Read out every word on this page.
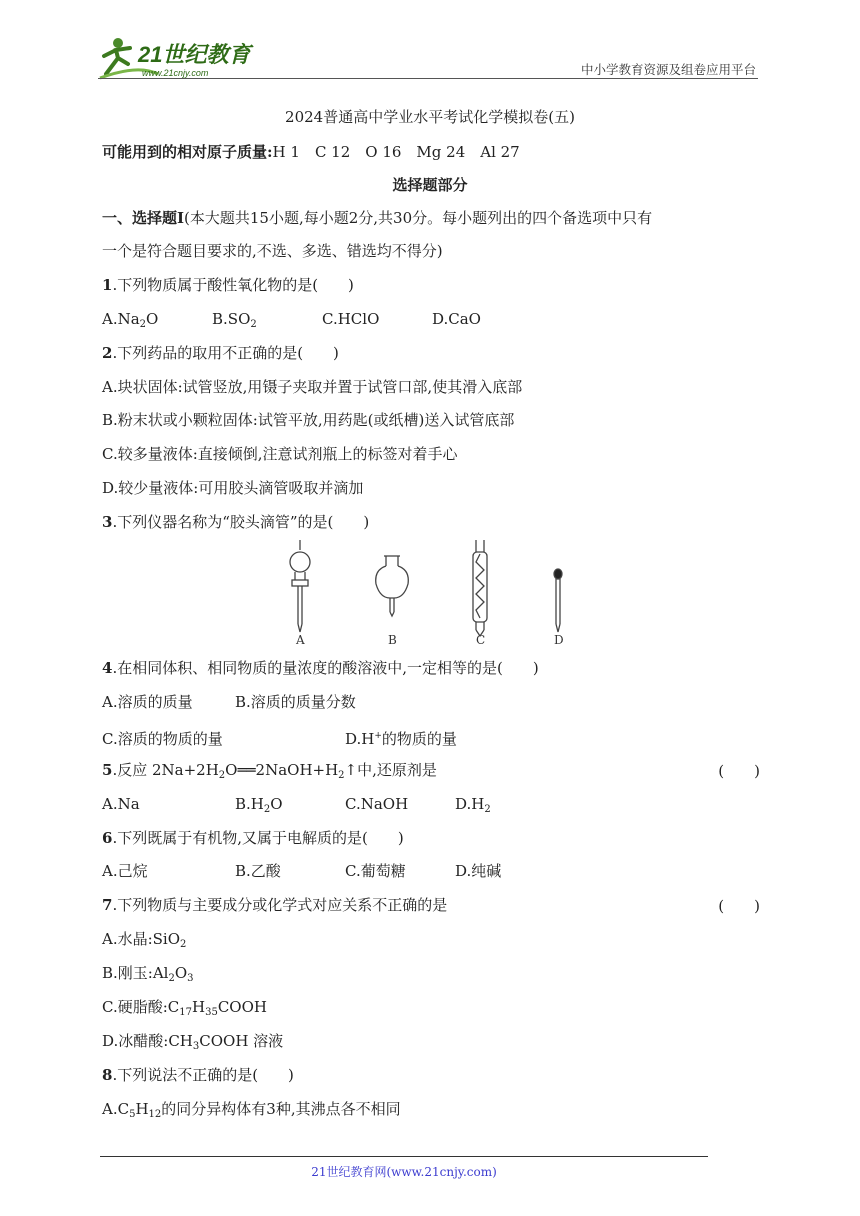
21世纪教育
www.21cnjy.com	中小学教育资源及组卷应用平台
2024普通高中学业水平考试化学模拟卷(五)
可能用到的相对原子质量:H 1　C 12　O 16　Mg 24　Al 27
选择题部分
一、选择题Ⅰ(本大题共15小题,每小题2分,共30分。每小题列出的四个备选项中只有
一个是符合题目要求的,不选、多选、错选均不得分)
1.下列物质属于酸性氧化物的是(　　)
$A.Na_2O$	$B.SO_2$	C.HClO	D.CaO
2.下列药品的取用不正确的是(　　)
A.块状固体:试管竖放,用镊子夹取并置于试管口部,使其滑入底部
B.粉末状或小颗粒固体:试管平放,用药匙(或纸槽)送入试管底部
C.较多量液体:直接倾倒,注意试剂瓶上的标签对着手心
D.较少量液体:可用胶头滴管吸取并滴加
3.下列仪器名称为“胶头滴管”的是(　　)
A	B	C	D
4.在相同体积、相同物质的量浓度的酸溶液中,一定相等的是(　　)
A.溶质的质量	B.溶质的质量分数
C.溶质的物质的量	D.H+的物质的量
5.反应 $2Na+2H_2O══2NaOH+H_2↑$中,还原剂是	(　　)
A.Na	$B.H_2O$	C.NaOH	$D.H_2$
6.下列既属于有机物,又属于电解质的是(　　)
A.己烷	B.乙酸	C.葡萄糖	D.纯碱
7.下列物质与主要成分或化学式对应关系不正确的是	(　　)
A.水晶:SiO$_2$
B.刚玉$:Al_2O_3$
C.硬脂酸$:C_{17}H_{35}COOH$
D.冰醋酸$:CH_3COOH$ 溶液
8.下列说法不正确的是(　　)
$A.C_5H_{12}$的同分异构体有3种,其沸点各不相同
21世纪教育网(www.21cnjy.com)
